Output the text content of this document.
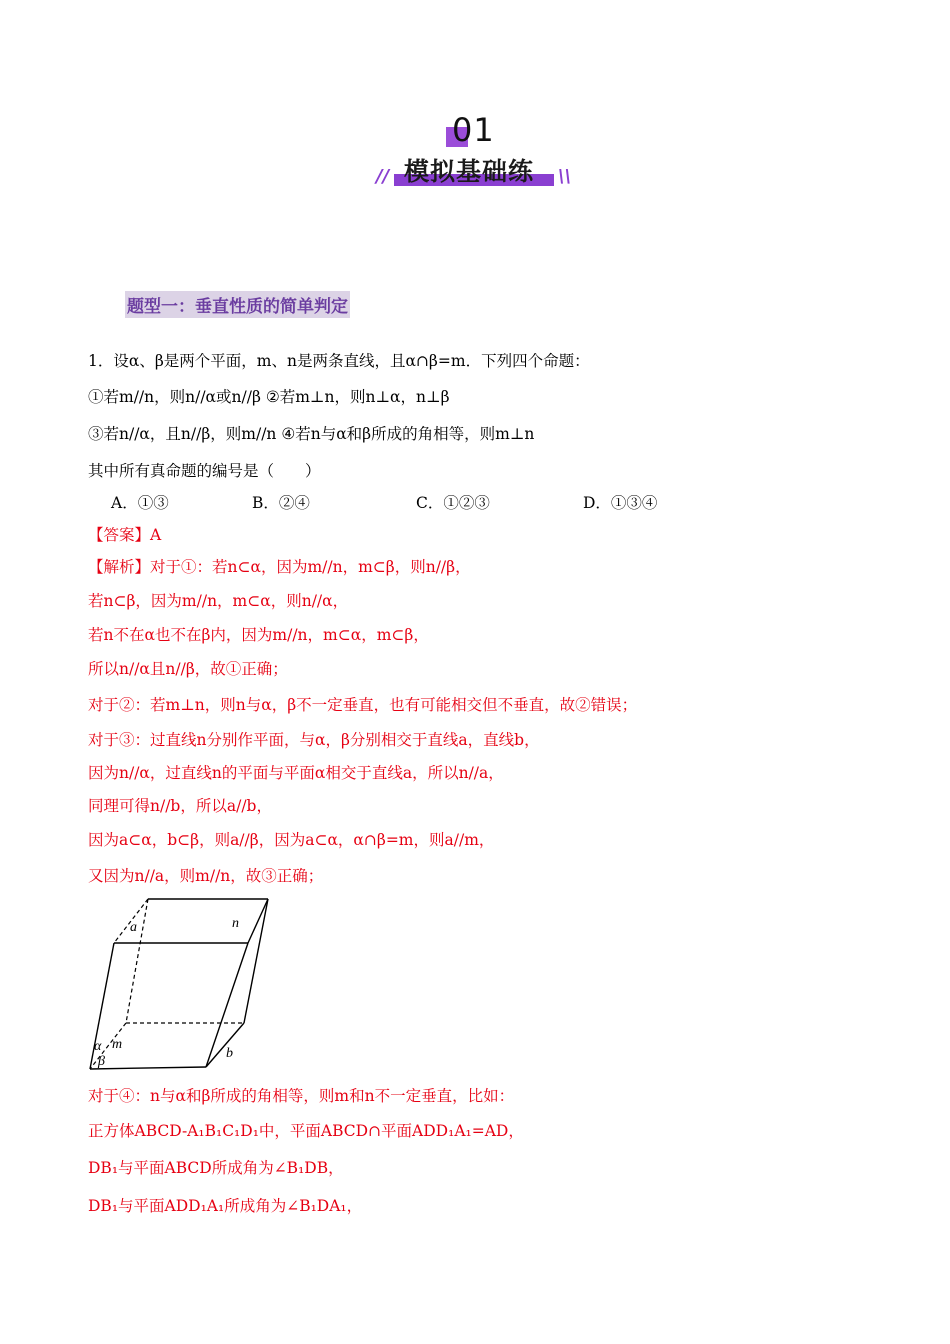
01
模拟基础练
//	\\
题型一：垂直性质的简单判定
1．设α、β是两个平面，m、n是两条直线，且α∩β=m．下列四个命题：
①若m//n，则n//α或n//β ②若m⊥n，则n⊥α，n⊥β
③若n//α，且n//β，则m//n ④若n与α和β所成的角相等，则m⊥n
其中所有真命题的编号是（　　）
A．①③	B．②④	C．①②③	D．①③④
【答案】A
【解析】对于①：若n⊂α，因为m//n，m⊂β，则n//β，
若n⊂β，因为m//n，m⊂α，则n//α，
若n不在α也不在β内，因为m//n，m⊂α，m⊂β，
所以n//α且n//β，故①正确；
对于②：若m⊥n，则n与α，β不一定垂直，也有可能相交但不垂直，故②错误；
对于③：过直线n分别作平面，与α，β分别相交于直线a，直线b，
因为n//α，过直线n的平面与平面α相交于直线a，所以n//a，
同理可得n//b，所以a//b，
因为a⊂α，b⊂β，则a//β，因为a⊂α，α∩β=m，则a//m，
又因为n//a，则m//n，故③正确；
a	n
α m
β
b
对于④：n与α和β所成的角相等，则m和n不一定垂直，比如：
正方体ABCD-A₁B₁C₁D₁中，平面ABCD∩平面ADD₁A₁=AD，
DB₁与平面ABCD所成角为∠B₁DB，
DB₁与平面ADD₁A₁所成角为∠B₁DA₁，
